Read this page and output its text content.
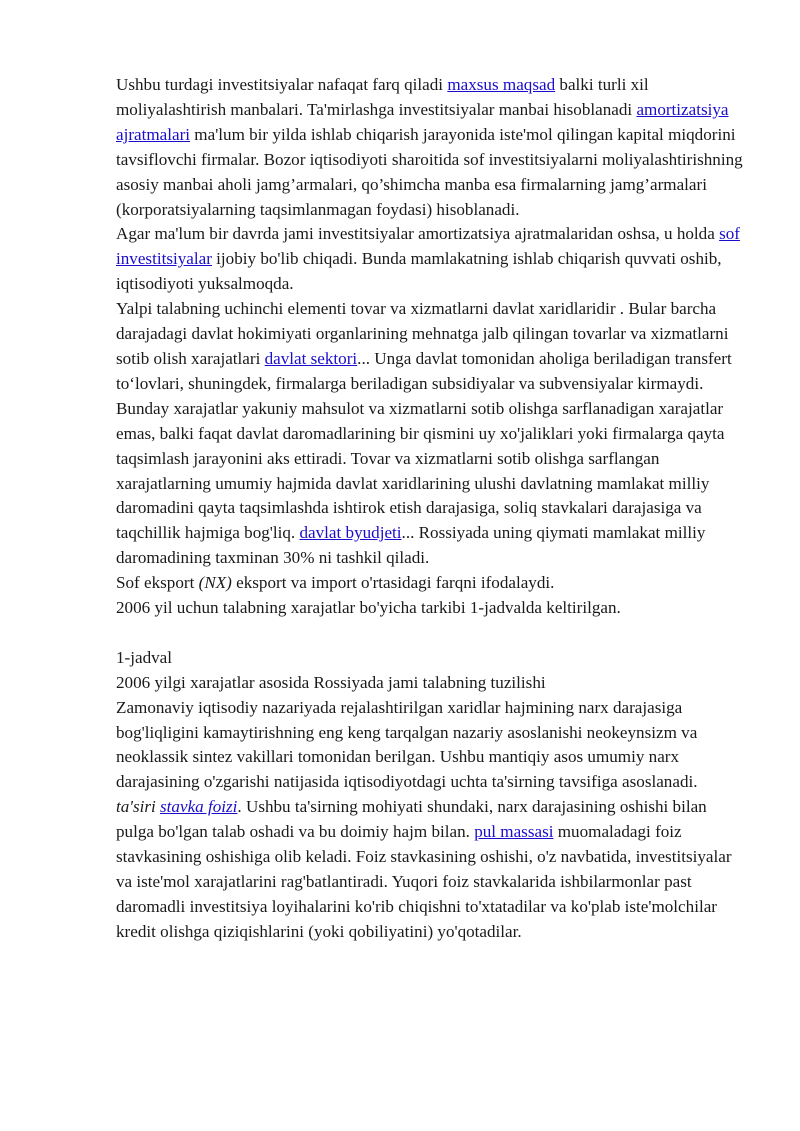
Ushbu turdagi investitsiyalar nafaqat farq qiladi maxsus maqsad balki turli xil moliyalashtirish manbalari. Ta'mirlashga investitsiyalar manbai hisoblanadi amortizatsiya ajratmalari ma'lum bir yilda ishlab chiqarish jarayonida iste'mol qilingan kapital miqdorini tavsiflovchi firmalar. Bozor iqtisodiyoti sharoitida sof investitsiyalarni moliyalashtirishning asosiy manbai aholi jamg’armalari, qo’shimcha manba esa firmalarning jamg’armalari (korporatsiyalarning taqsimlanmagan foydasi) hisoblanadi.

Agar ma'lum bir davrda jami investitsiyalar amortizatsiya ajratmalaridan oshsa, u holda sof investitsiyalar ijobiy bo'lib chiqadi. Bunda mamlakatning ishlab chiqarish quvvati oshib, iqtisodiyoti yuksalmoqda.

Yalpi talabning uchinchi elementi tovar va xizmatlarni davlat xaridlaridir . Bular barcha darajadagi davlat hokimiyati organlarining mehnatga jalb qilingan tovarlar va xizmatlarni sotib olish xarajatlari davlat sektori... Unga davlat tomonidan aholiga beriladigan transfert to‘lovlari, shuningdek, firmalarga beriladigan subsidiyalar va subvensiyalar kirmaydi. Bunday xarajatlar yakuniy mahsulot va xizmatlarni sotib olishga sarflanadigan xarajatlar emas, balki faqat davlat daromadlarining bir qismini uy xo'jaliklari yoki firmalarga qayta taqsimlash jarayonini aks ettiradi. Tovar va xizmatlarni sotib olishga sarflangan xarajatlarning umumiy hajmida davlat xaridlarining ulushi davlatning mamlakat milliy daromadini qayta taqsimlashda ishtirok etish darajasiga, soliq stavkalari darajasiga va taqchillik hajmiga bog'liq. davlat byudjeti... Rossiyada uning qiymati mamlakat milliy daromadining taxminan 30% ni tashkil qiladi.

Sof eksport (NX) eksport va import o'rtasidagi farqni ifodalaydi.

2006 yil uchun talabning xarajatlar bo'yicha tarkibi 1-jadvalda keltirilgan.

1-jadval

2006 yilgi xarajatlar asosida Rossiyada jami talabning tuzilishi

Zamonaviy iqtisodiy nazariyada rejalashtirilgan xaridlar hajmining narx darajasiga bog'liqligini kamaytirishning eng keng tarqalgan nazariy asoslanishi neokeynsizm va neoklassik sintez vakillari tomonidan berilgan. Ushbu mantiqiy asos umumiy narx darajasining o'zgarishi natijasida iqtisodiyotdagi uchta ta'sirning tavsifiga asoslanadi.

ta'siri stavka foizi. Ushbu ta'sirning mohiyati shundaki, narx darajasining oshishi bilan pulga bo'lgan talab oshadi va bu doimiy hajm bilan. pul massasi muomaladagi foiz stavkasining oshishiga olib keladi. Foiz stavkasining oshishi, o'z navbatida, investitsiyalar va iste'mol xarajatlarini rag'batlantiradi. Yuqori foiz stavkalarida ishbilarmonlar past daromadli investitsiya loyihalarini ko'rib chiqishni to'xtatadilar va ko'plab iste'molchilar kredit olishga qiziqishlarini (yoki qobiliyatini) yo'qotadilar.
